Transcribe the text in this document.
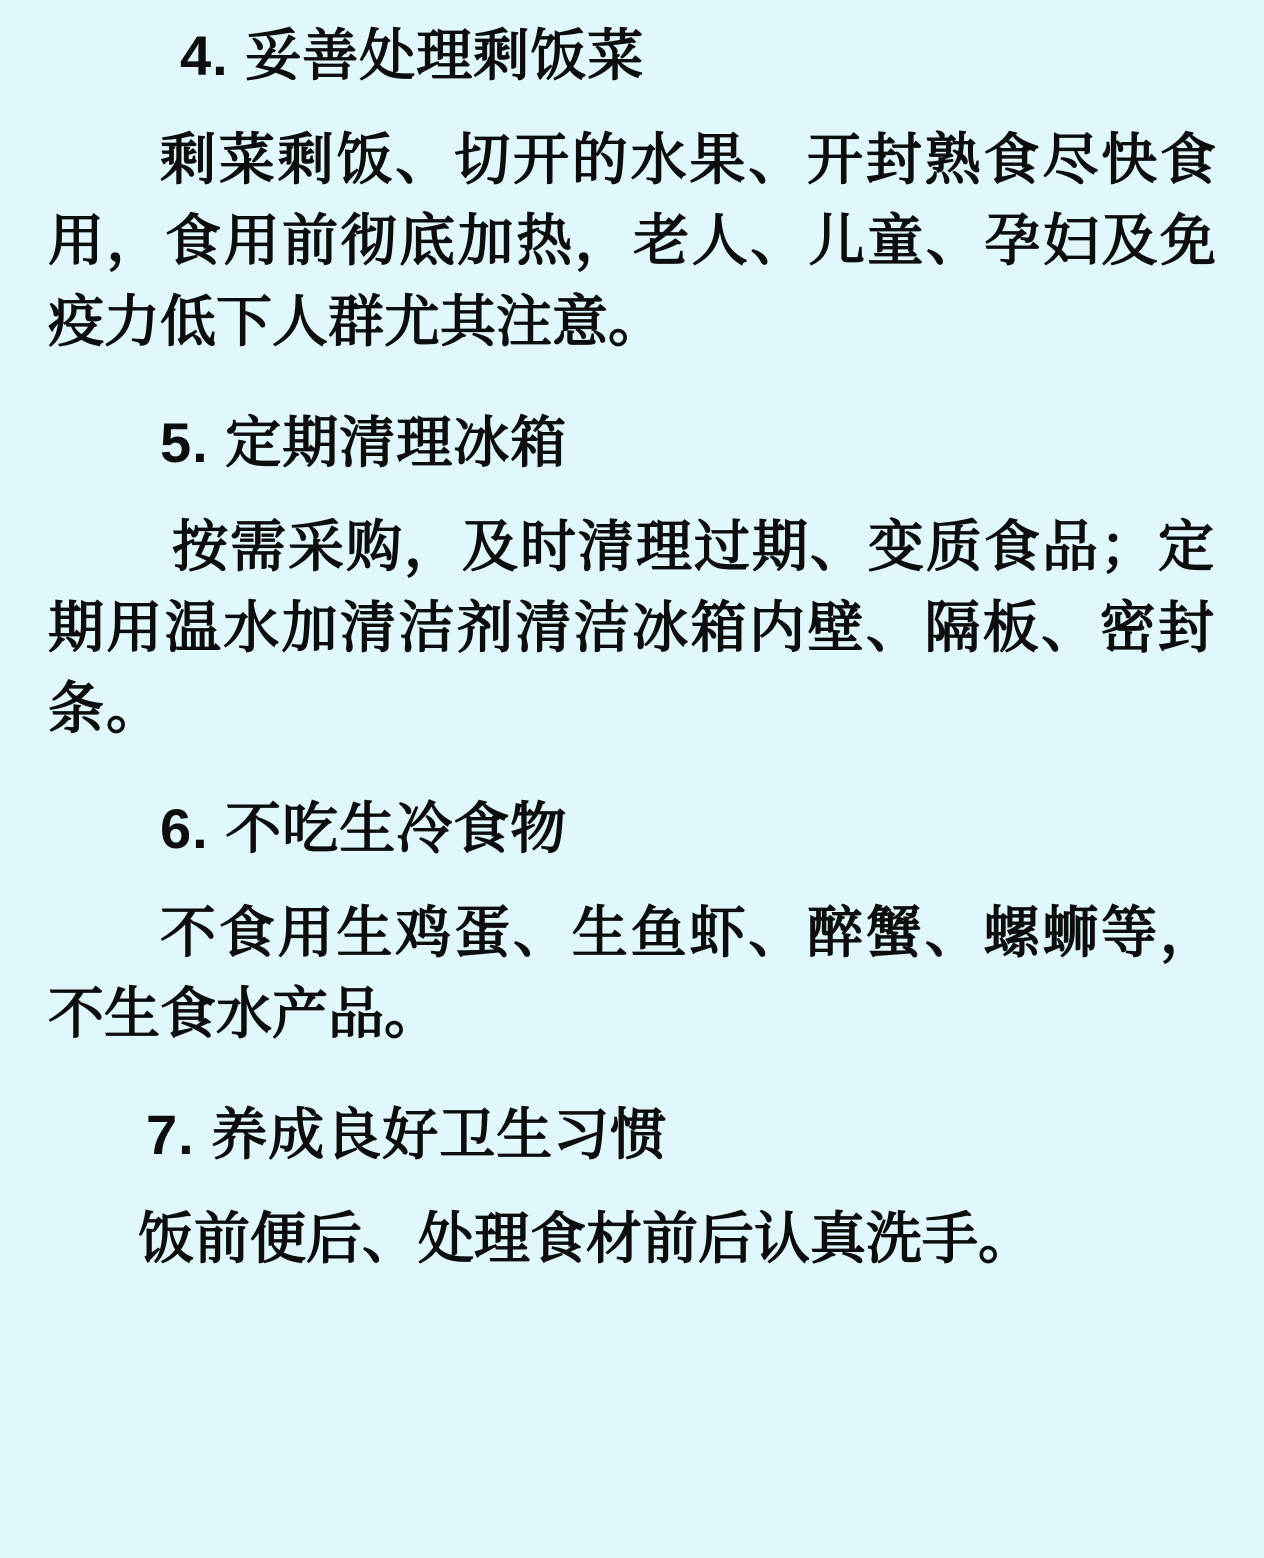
4. 妥善处理剩饭菜
剩菜剩饭、切开的水果、开封熟食尽快食用，食用前彻底加热，老人、儿童、孕妇及免疫力低下人群尤其注意。
5. 定期清理冰箱
按需采购，及时清理过期、变质食品；定期用温水加清洁剂清洁冰箱内壁、隔板、密封条。
6. 不吃生冷食物
不食用生鸡蛋、生鱼虾、醉蟹、螺蛳等，不生食水产品。
7. 养成良好卫生习惯
饭前便后、处理食材前后认真洗手。
